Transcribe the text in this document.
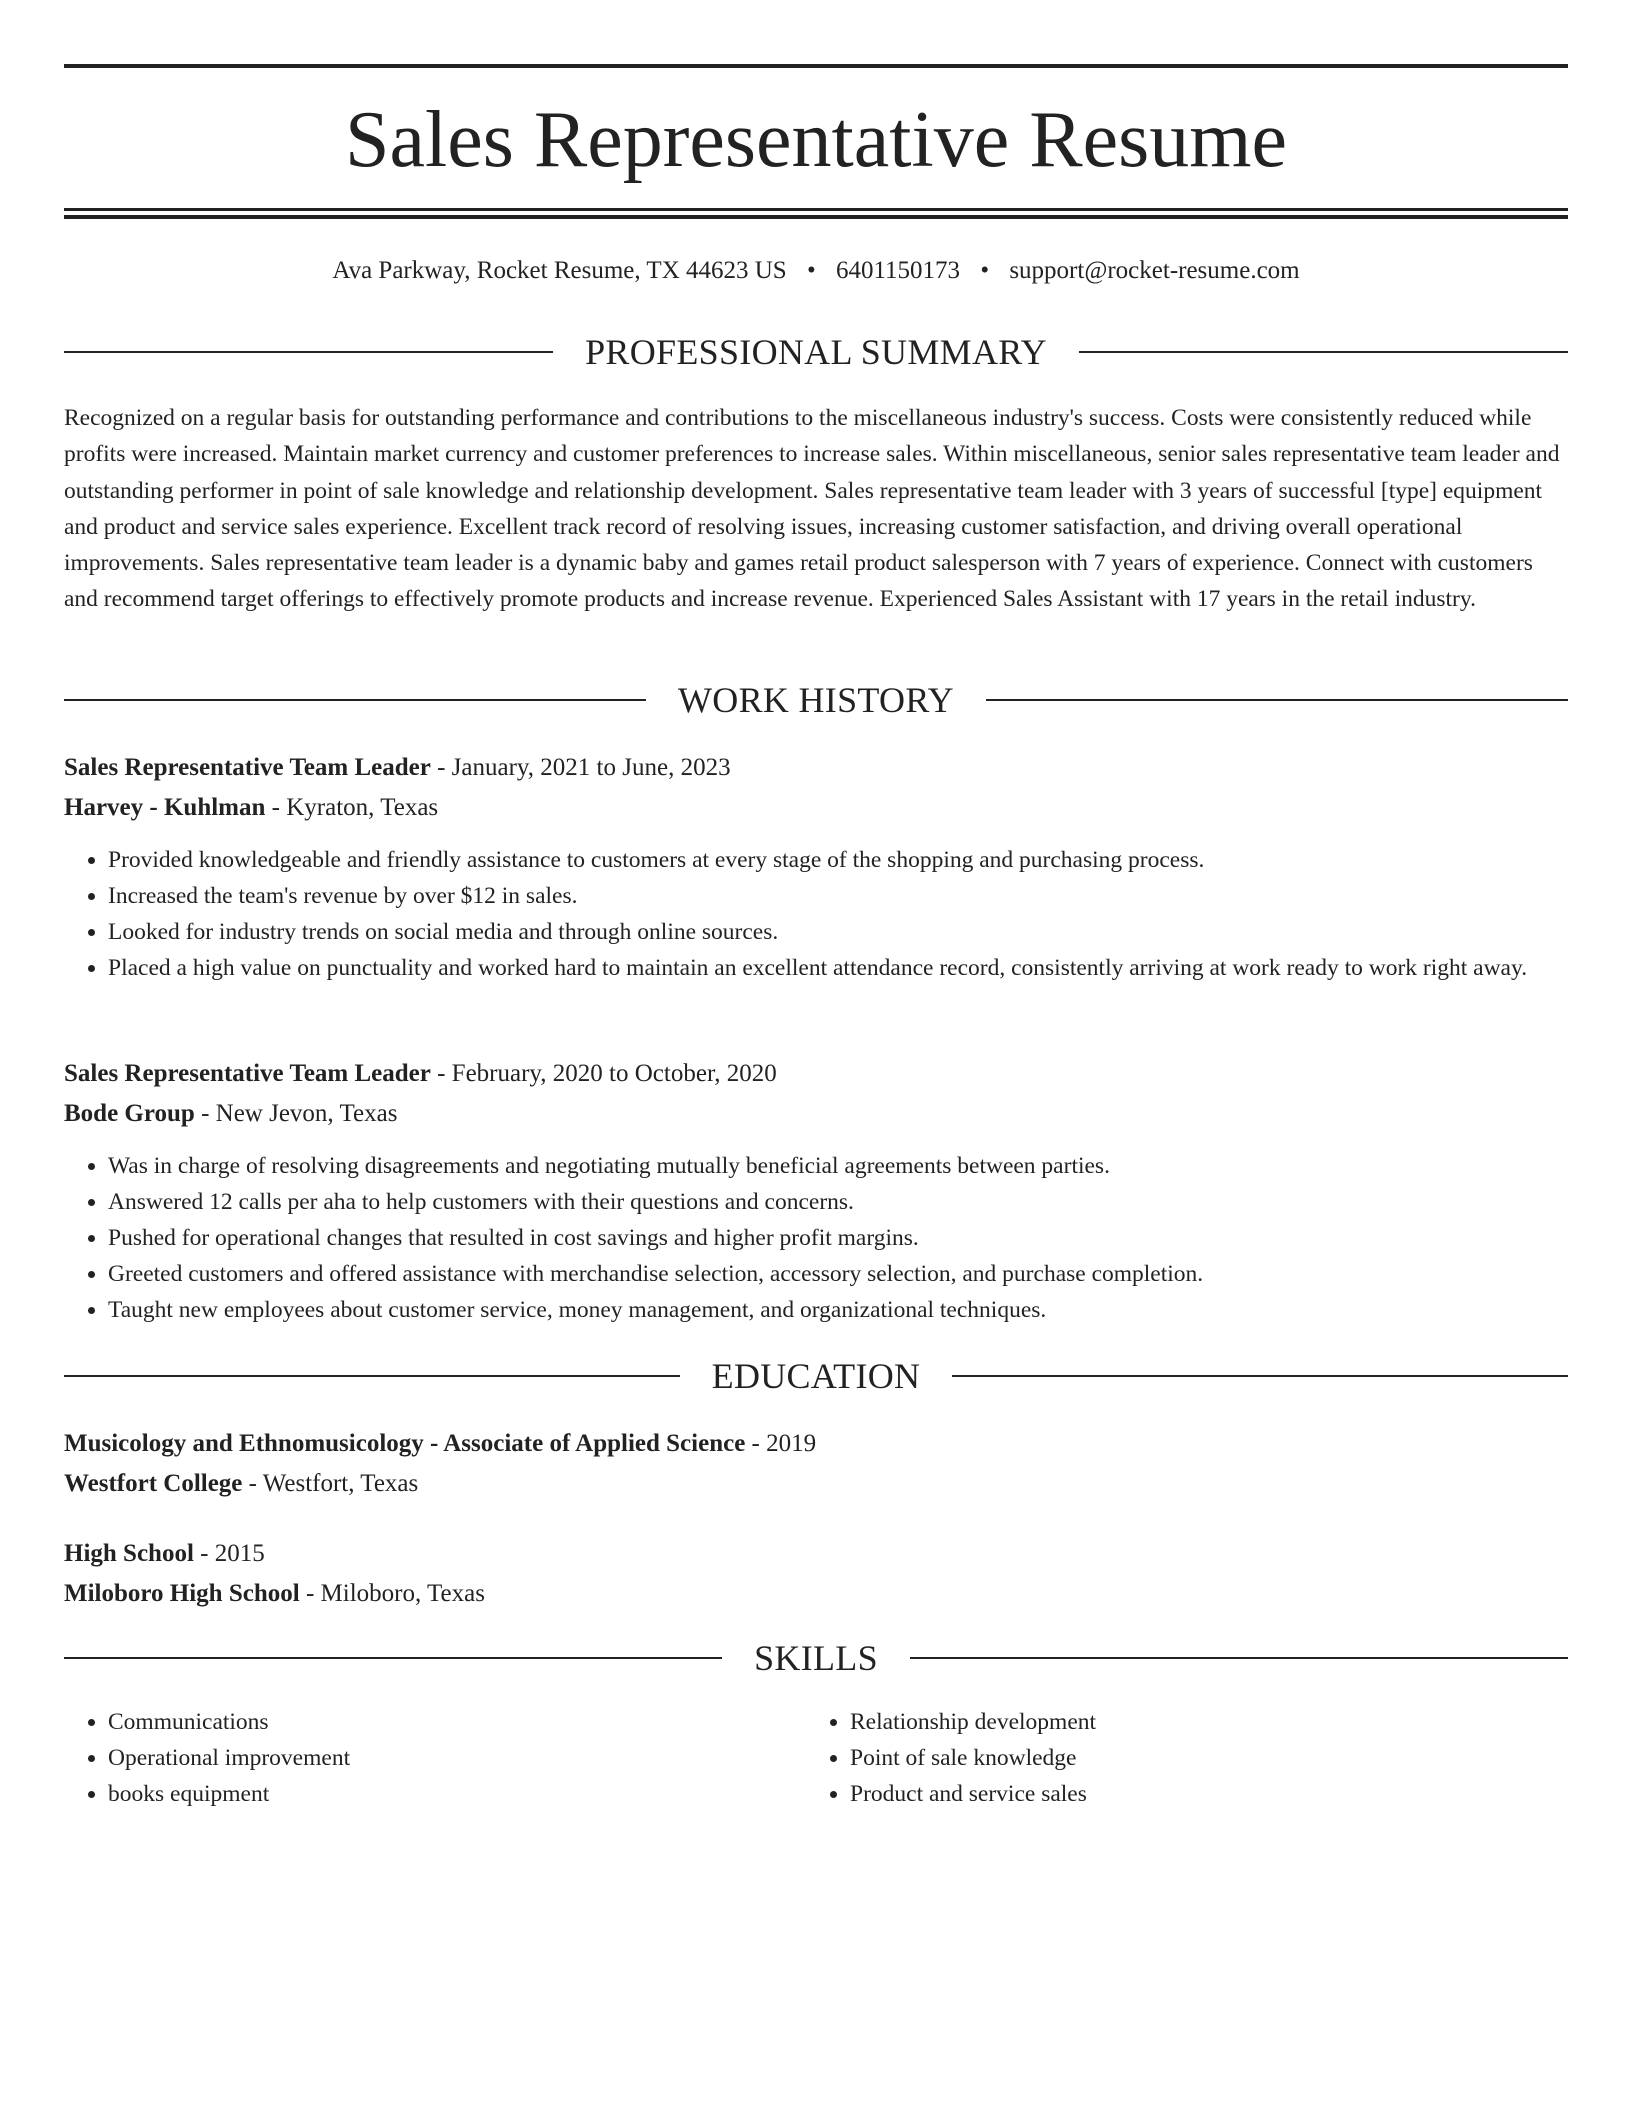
Sales Representative Resume
Ava Parkway, Rocket Resume, TX 44623 US • 6401150173 • support@rocket-resume.com
PROFESSIONAL SUMMARY

Recognized on a regular basis for outstanding performance and contributions to the miscellaneous industry's success. Costs were consistently reduced while profits were increased. Maintain market currency and customer preferences to increase sales. Within miscellaneous, senior sales representative team leader and outstanding performer in point of sale knowledge and relationship development. Sales representative team leader with 3 years of successful [type] equipment and product and service sales experience. Excellent track record of resolving issues, increasing customer satisfaction, and driving overall operational improvements. Sales representative team leader is a dynamic baby and games retail product salesperson with 7 years of experience. Connect with customers and recommend target offerings to effectively promote products and increase revenue. Experienced Sales Assistant with 17 years in the retail industry.

WORK HISTORY
Sales Representative Team Leader - January, 2021 to June, 2023
Harvey - Kuhlman - Kyraton, Texas
• Provided knowledgeable and friendly assistance to customers at every stage of the shopping and purchasing process.
• Increased the team's revenue by over $12 in sales.
• Looked for industry trends on social media and through online sources.
• Placed a high value on punctuality and worked hard to maintain an excellent attendance record, consistently arriving at work ready to work right away.
Sales Representative Team Leader - February, 2020 to October, 2020
Bode Group - New Jevon, Texas
• Was in charge of resolving disagreements and negotiating mutually beneficial agreements between parties.
• Answered 12 calls per aha to help customers with their questions and concerns.
• Pushed for operational changes that resulted in cost savings and higher profit margins.
• Greeted customers and offered assistance with merchandise selection, accessory selection, and purchase completion.
• Taught new employees about customer service, money management, and organizational techniques.
EDUCATION
Musicology and Ethnomusicology - Associate of Applied Science - 2019
Westfort College - Westfort, Texas
High School - 2015
Miloboro High School - Miloboro, Texas
SKILLS
• Communications
• Operational improvement
• books equipment
• Relationship development
• Point of sale knowledge
• Product and service sales
